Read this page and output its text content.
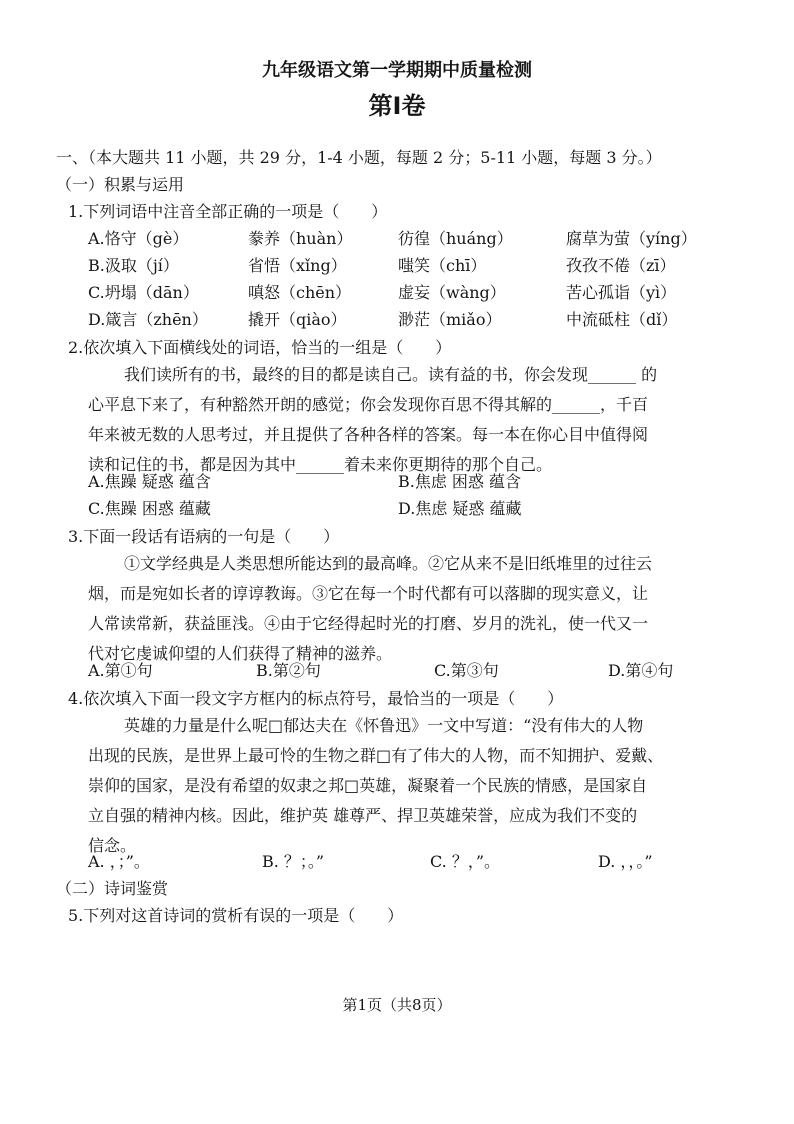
九年级语文第一学期期中质量检测
第Ⅰ卷
一、（本大题共 11 小题，共 29 分，1-4 小题，每题 2 分；5-11 小题，每题 3 分。）
（一）积累与运用
1.下列词语中注音全部正确的一项是（　　）
A.恪守（gè）	豢养（huàn）	彷徨（huáng）	腐草为萤（yíng）
B.汲取（jí）	省悟（xǐng）	嗤笑（chī）	孜孜不倦（zī）
C.坍塌（dān）	嗔怒（chēn）	虚妄（wàng）	苦心孤诣（yì）
D.箴言（zhēn）	撬开（qiào）	渺茫（miǎo）	中流砥柱（dǐ）
2.依次填入下面横线处的词语，恰当的一组是（　　）
我们读所有的书，最终的目的都是读自己。读有益的书，你会发现______ 的
心平息下来了，有种豁然开朗的感觉；你会发现你百思不得其解的______，千百
年来被无数的人思考过，并且提供了各种各样的答案。每一本在你心目中值得阅
读和记住的书，都是因为其中______着未来你更期待的那个自己。
A.焦躁 疑惑 蕴含	B.焦虑 困惑 蕴含
C.焦躁 困惑 蕴藏	D.焦虑 疑惑 蕴藏
3.下面一段话有语病的一句是（　　）
①文学经典是人类思想所能达到的最高峰。②它从来不是旧纸堆里的过往云
烟，而是宛如长者的谆谆教诲。③它在每一个时代都有可以落脚的现实意义，让
人常读常新，获益匪浅。④由于它经得起时光的打磨、岁月的洗礼，使一代又一
代对它虔诚仰望的人们获得了精神的滋养。
A.第①句	B.第②句	C.第③句	D.第④句
4.依次填入下面一段文字方框内的标点符号，最恰当的一项是（　　）
英雄的力量是什么呢□郁达夫在《怀鲁迅》一文中写道：“没有伟大的人物
出现的民族，是世界上最可怜的生物之群□有了伟大的人物，而不知拥护、爱戴、
崇仰的国家，是没有希望的奴隶之邦□英雄，凝聚着一个民族的情感，是国家自
立自强的精神内核。因此，维护英 雄尊严、捍卫英雄荣誉，应成为我们不变的
信念。
A. ，；”。	B. ？；。”	C. ？，”。	D. ，，。”
（二）诗词鉴赏
5.下列对这首诗词的赏析有误的一项是（　　）
第1页（共8页）
